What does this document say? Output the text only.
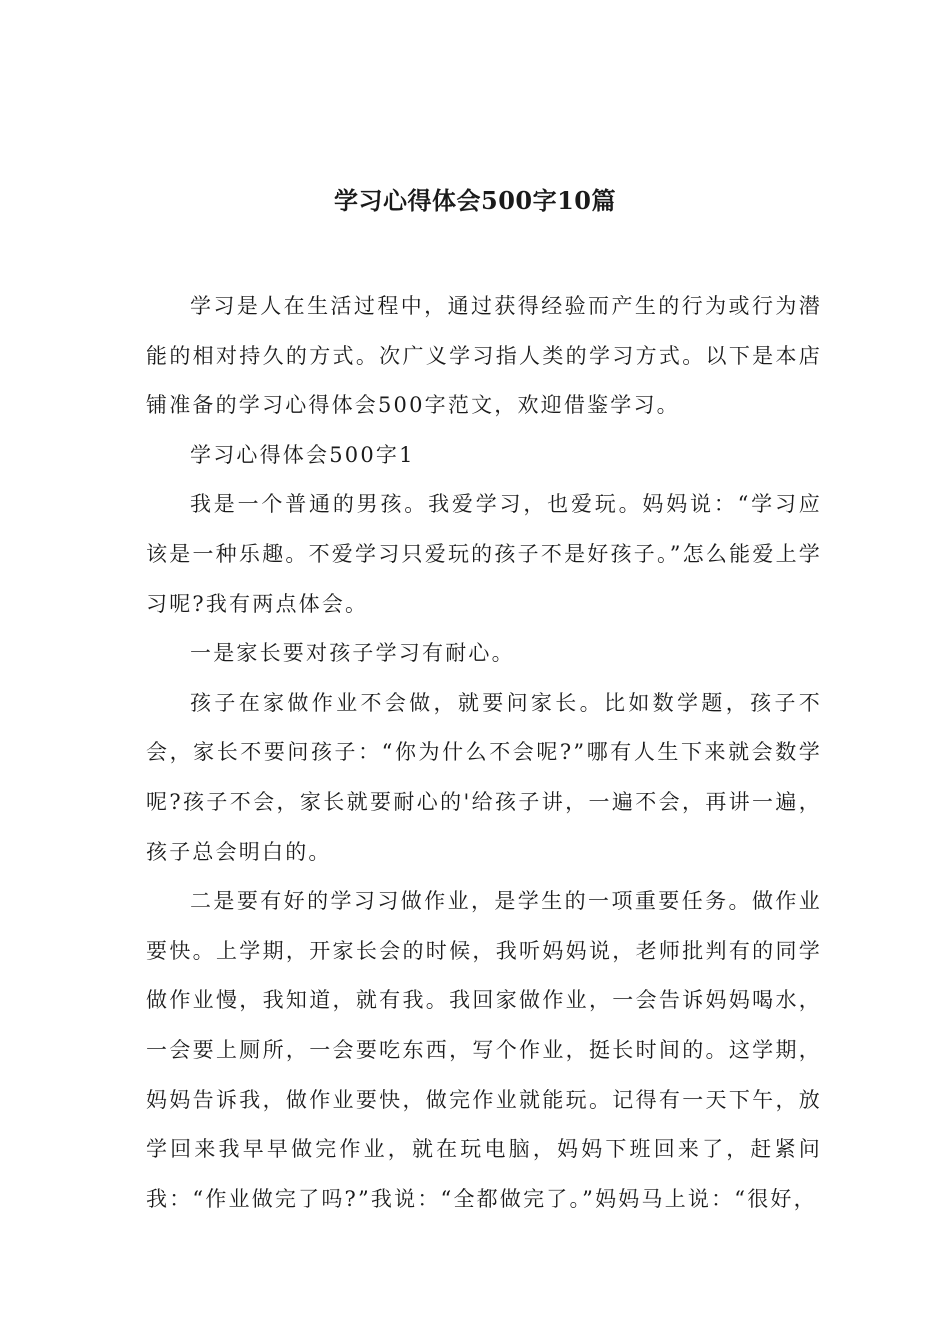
学习心得体会500字10篇

学习是人在生活过程中，通过获得经验而产生的行为或行为潜能的相对持久的方式。次广义学习指人类的学习方式。以下是本店铺准备的学习心得体会500字范文，欢迎借鉴学习。

学习心得体会500字1

我是一个普通的男孩。我爱学习，也爱玩。妈妈说：“学习应该是一种乐趣。不爱学习只爱玩的孩子不是好孩子。”怎么能爱上学习呢?我有两点体会。

一是家长要对孩子学习有耐心。

孩子在家做作业不会做，就要问家长。比如数学题，孩子不会，家长不要问孩子：“你为什么不会呢?”哪有人生下来就会数学呢?孩子不会，家长就要耐心的'给孩子讲，一遍不会，再讲一遍，孩子总会明白的。

二是要有好的学习习做作业，是学生的一项重要任务。做作业要快。上学期，开家长会的时候，我听妈妈说，老师批判有的同学做作业慢，我知道，就有我。我回家做作业，一会告诉妈妈喝水，一会要上厕所，一会要吃东西，写个作业，挺长时间的。这学期，妈妈告诉我，做作业要快，做完作业就能玩。记得有一天下午，放学回来我早早做完作业，就在玩电脑，妈妈下班回来了，赶紧问我：“作业做完了吗?”我说：“全都做完了。”妈妈马上说：“很好，
